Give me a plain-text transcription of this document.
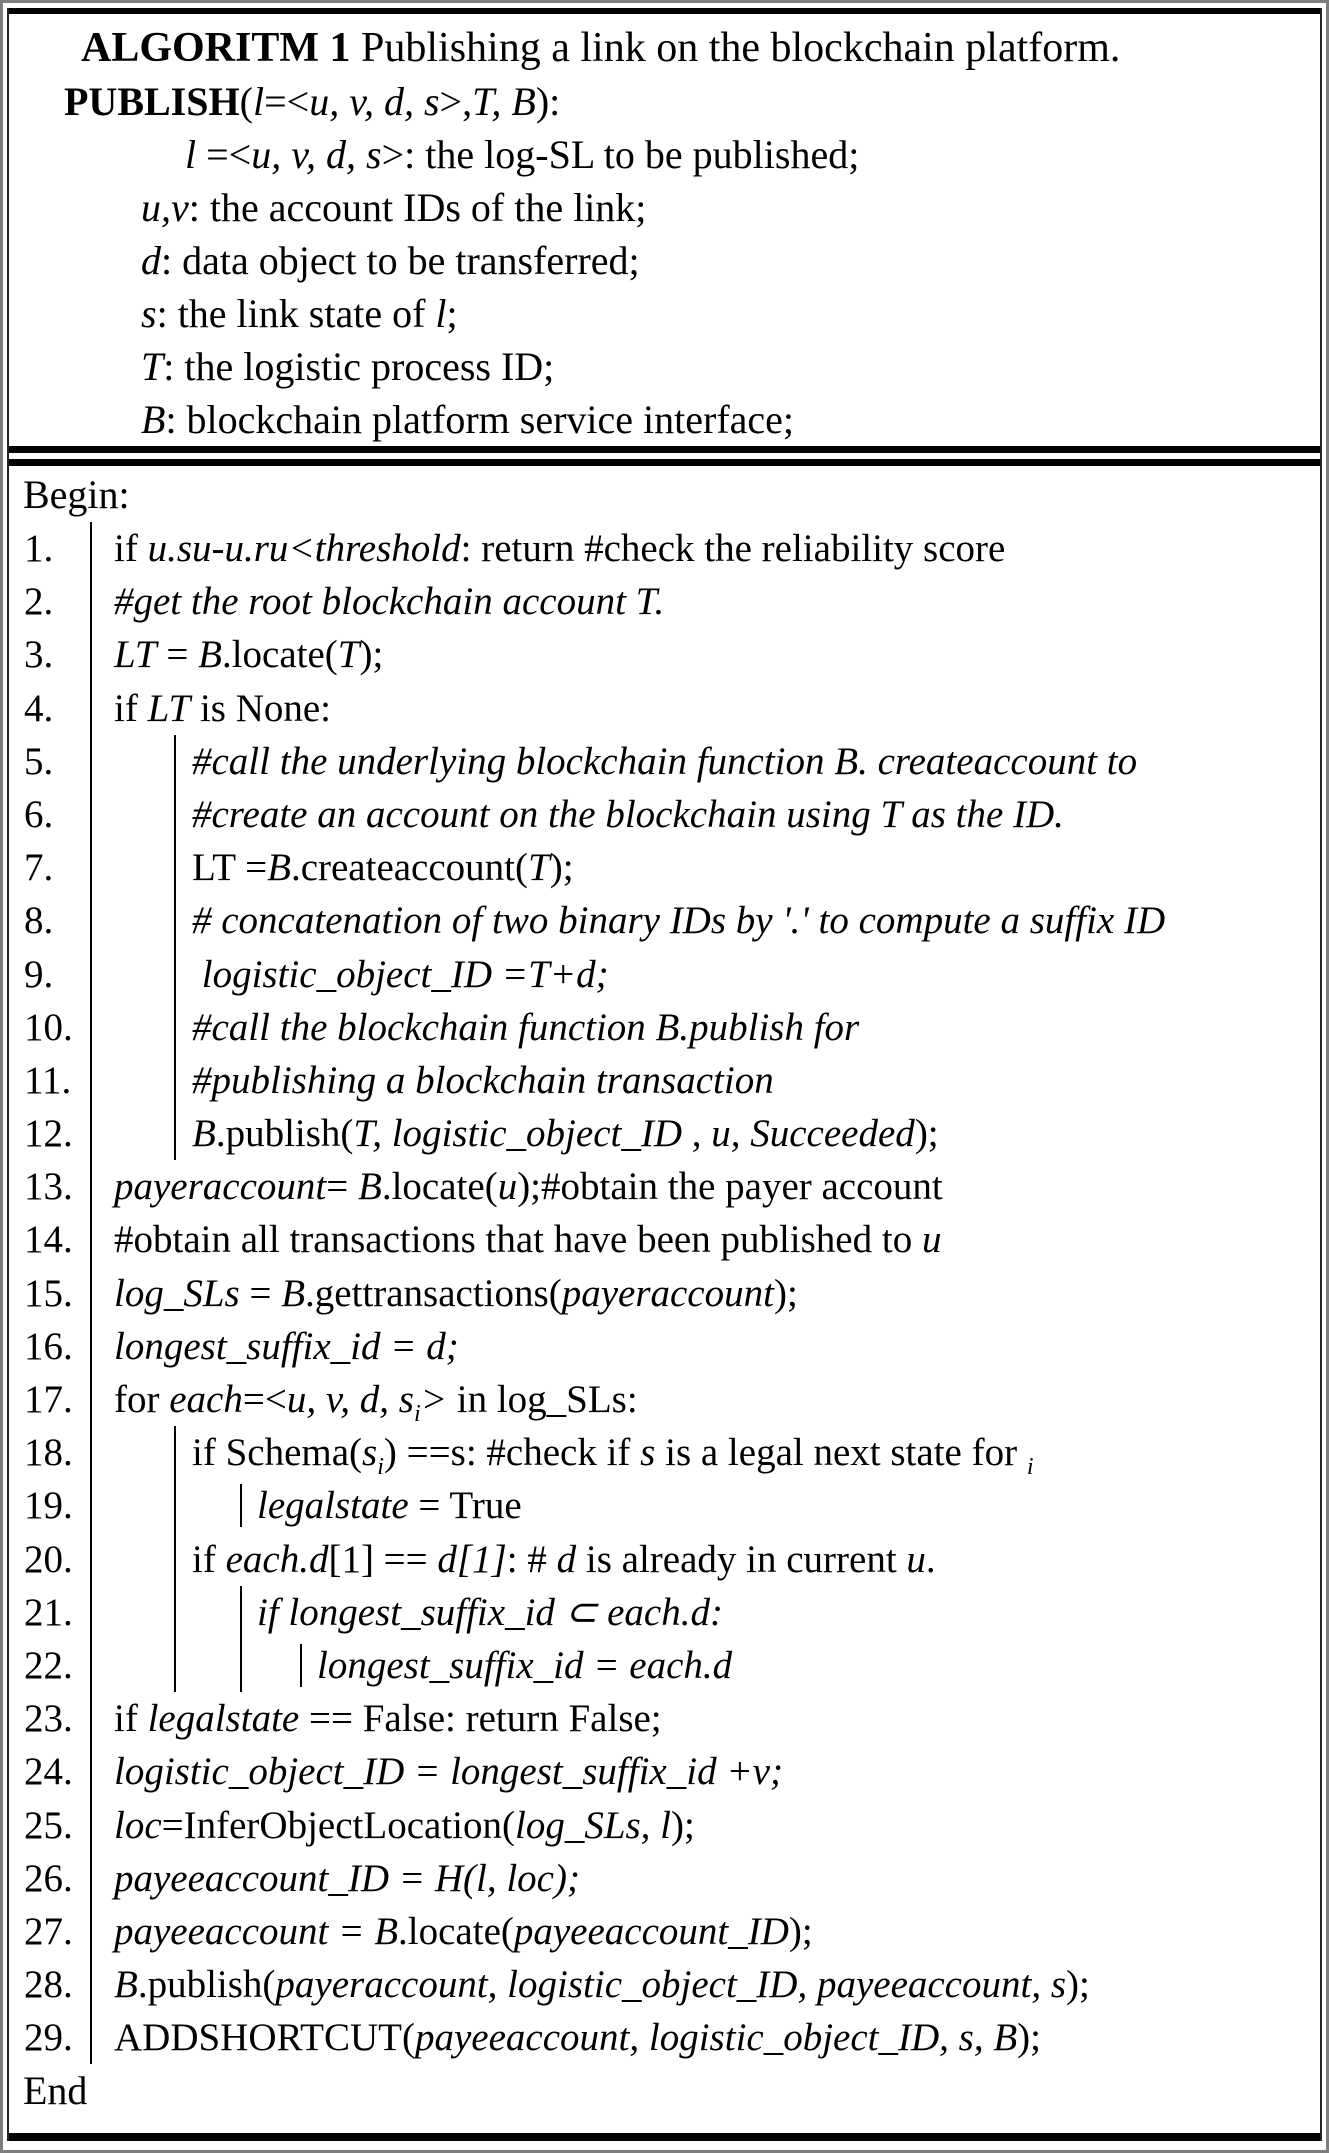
ALGORITM 1 Publishing a link on the blockchain platform.
PUBLISH(l=<u, v, d, s>,T, B):
l =<u, v, d, s>: the log-SL to be published;
u,v: the account IDs of the link;
d: data object to be transferred;
s: the link state of l;
T: the logistic process ID;
B: blockchain platform service interface;
Begin:
1.	if u.su-u.ru<threshold: return #check the reliability score
2.	#get the root blockchain account T.
3.	LT = B.locate(T);
4.	if LT is None:
5.	#call the underlying blockchain function B. createaccount to
6.	#create an account on the blockchain using T as the ID.
7.	LT =B.createaccount(T);
8.	# concatenation of two binary IDs by '.' to compute a suffix ID
9.	logistic_object_ID =T+d;
10.	#call the blockchain function B.publish for
11.	#publishing a blockchain transaction
12.	B.publish(T, logistic_object_ID , u, Succeeded);
13.	payeraccount= B.locate(u);#obtain the payer account
14.	#obtain all transactions that have been published to u
15.	log_SLs = B.gettransactions(payeraccount);
16.	longest_suffix_id = d;
17.	for each=<u, v, d, $s_i>$ in log_SLs:
18.	if $Schema(s_i) ==s$: #check if s is a legal next state for $_i$
19.	legalstate = True
20.	if each.d[1] == d[1]: # d is already in current u.
21.	if longest_suffix_id ⊂ each.d:
22.	longest_suffix_id = each.d
23.	if legalstate == False: return False;
24.	logistic_object_ID = longest_suffix_id +v;
25.	loc=InferObjectLocation(log_SLs, l);
26.	payeeaccount_ID = H(l, loc);
27.	payeeaccount = B.locate(payeeaccount_ID);
28.	B.publish(payeraccount, logistic_object_ID, payeeaccount, s);
29.	ADDSHORTCUT(payeeaccount, logistic_object_ID, s, B);
End
